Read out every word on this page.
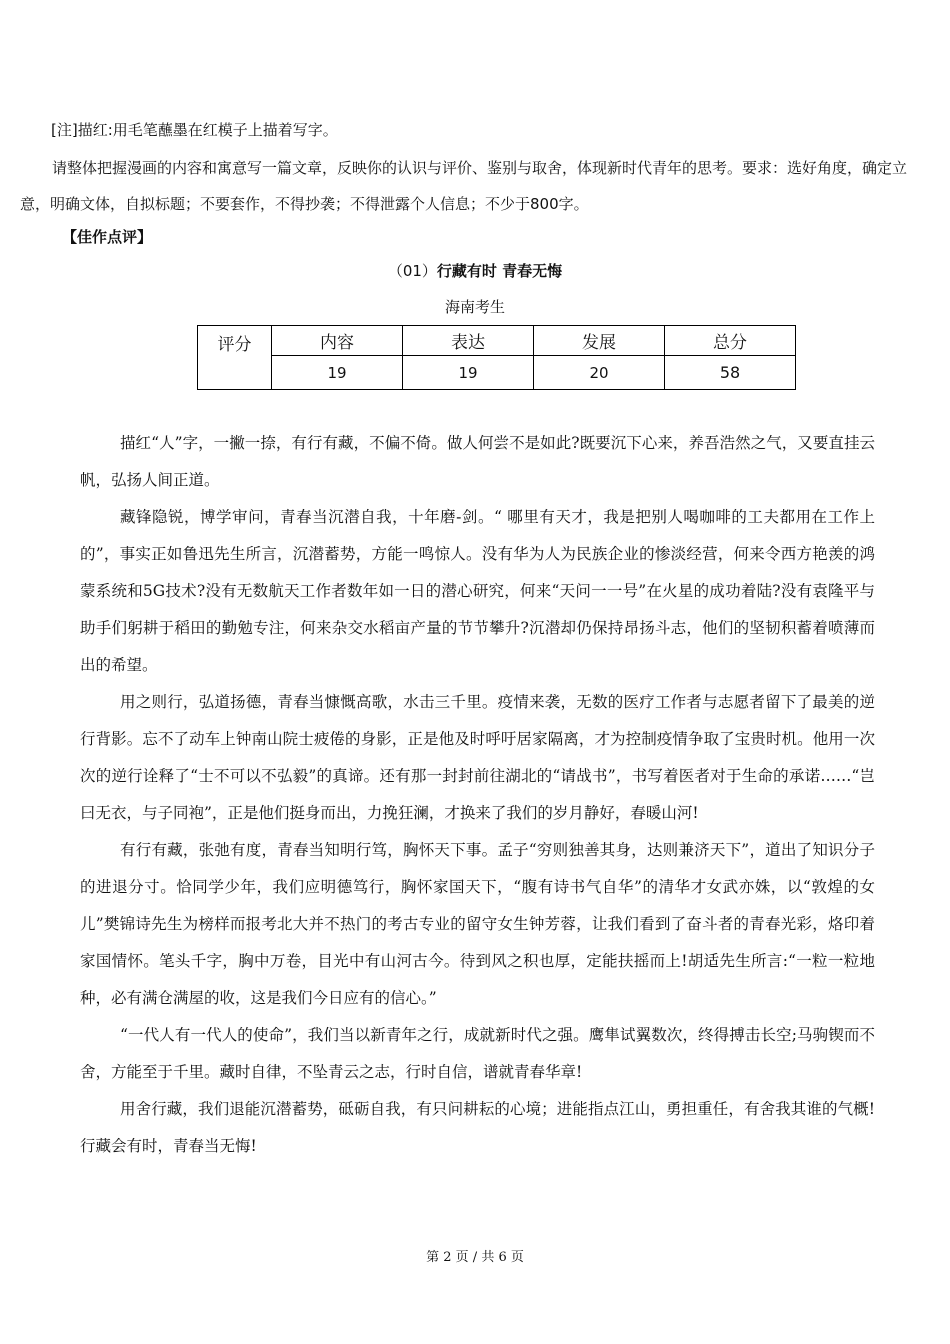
[注]描红:用毛笔蘸墨在红模子上描着写字。
请整体把握漫画的内容和寓意写一篇文章，反映你的认识与评价、鉴别与取舍，体现新时代青年的思考。要求：选好角度，确定立意，明确文体，自拟标题；不要套作，不得抄袭；不得泄露个人信息；不少于800字。
【佳作点评】
（01）行藏有时 青春无悔
海南考生
评分	内容	表达	发展	总分
	19	19	20	58

描红“人”字，一撇一捺，有行有藏，不偏不倚。做人何尝不是如此?既要沉下心来，养吾浩然之气，又要直挂云帆，弘扬人间正道。

藏锋隐锐，博学审问，青春当沉潜自我，十年磨-剑。“ 哪里有天才，我是把别人喝咖啡的工夫都用在工作上的”，事实正如鲁迅先生所言，沉潜蓄势，方能一鸣惊人。没有华为人为民族企业的惨淡经营，何来令西方艳羡的鸿蒙系统和5G技术?没有无数航天工作者数年如一日的潜心研究，何来“天问一一号”在火星的成功着陆?没有袁隆平与助手们躬耕于稻田的勤勉专注，何来杂交水稻亩产量的节节攀升?沉潜却仍保持昂扬斗志，他们的坚韧积蓄着喷薄而出的希望。

用之则行，弘道扬德，青春当慷慨高歌，水击三千里。疫情来袭，无数的医疗工作者与志愿者留下了最美的逆行背影。忘不了动车上钟南山院士疲倦的身影，正是他及时呼吁居家隔离，才为控制疫情争取了宝贵时机。他用一次次的逆行诠释了“士不可以不弘毅”的真谛。还有那一封封前往湖北的“请战书”，书写着医者对于生命的承诺……“岂曰无衣，与子同袍”，正是他们挺身而出，力挽狂澜，才换来了我们的岁月静好，春暖山河!

有行有藏，张弛有度，青春当知明行笃，胸怀天下事。孟子“穷则独善其身，达则兼济天下”，道出了知识分子的进退分寸。恰同学少年，我们应明德笃行，胸怀家国天下，“腹有诗书气自华”的清华才女武亦姝，以“敦煌的女儿”樊锦诗先生为榜样而报考北大并不热门的考古专业的留守女生钟芳蓉，让我们看到了奋斗者的青春光彩，烙印着家国情怀。笔头千字，胸中万卷，目光中有山河古今。待到风之积也厚，定能扶摇而上!胡适先生所言:“一粒一粒地种，必有满仓满屋的收，这是我们今日应有的信心。”

“一代人有一代人的使命”，我们当以新青年之行，成就新时代之强。鹰隼试翼数次，终得搏击长空;马驹锲而不舍，方能至于千里。藏时自律，不坠青云之志，行时自信，谱就青春华章!

用舍行藏，我们退能沉潜蓄势，砥砺自我，有只问耕耘的心境；进能指点江山，勇担重任，有舍我其谁的气概!行藏会有时，青春当无悔!

第 2 页 / 共 6 页
